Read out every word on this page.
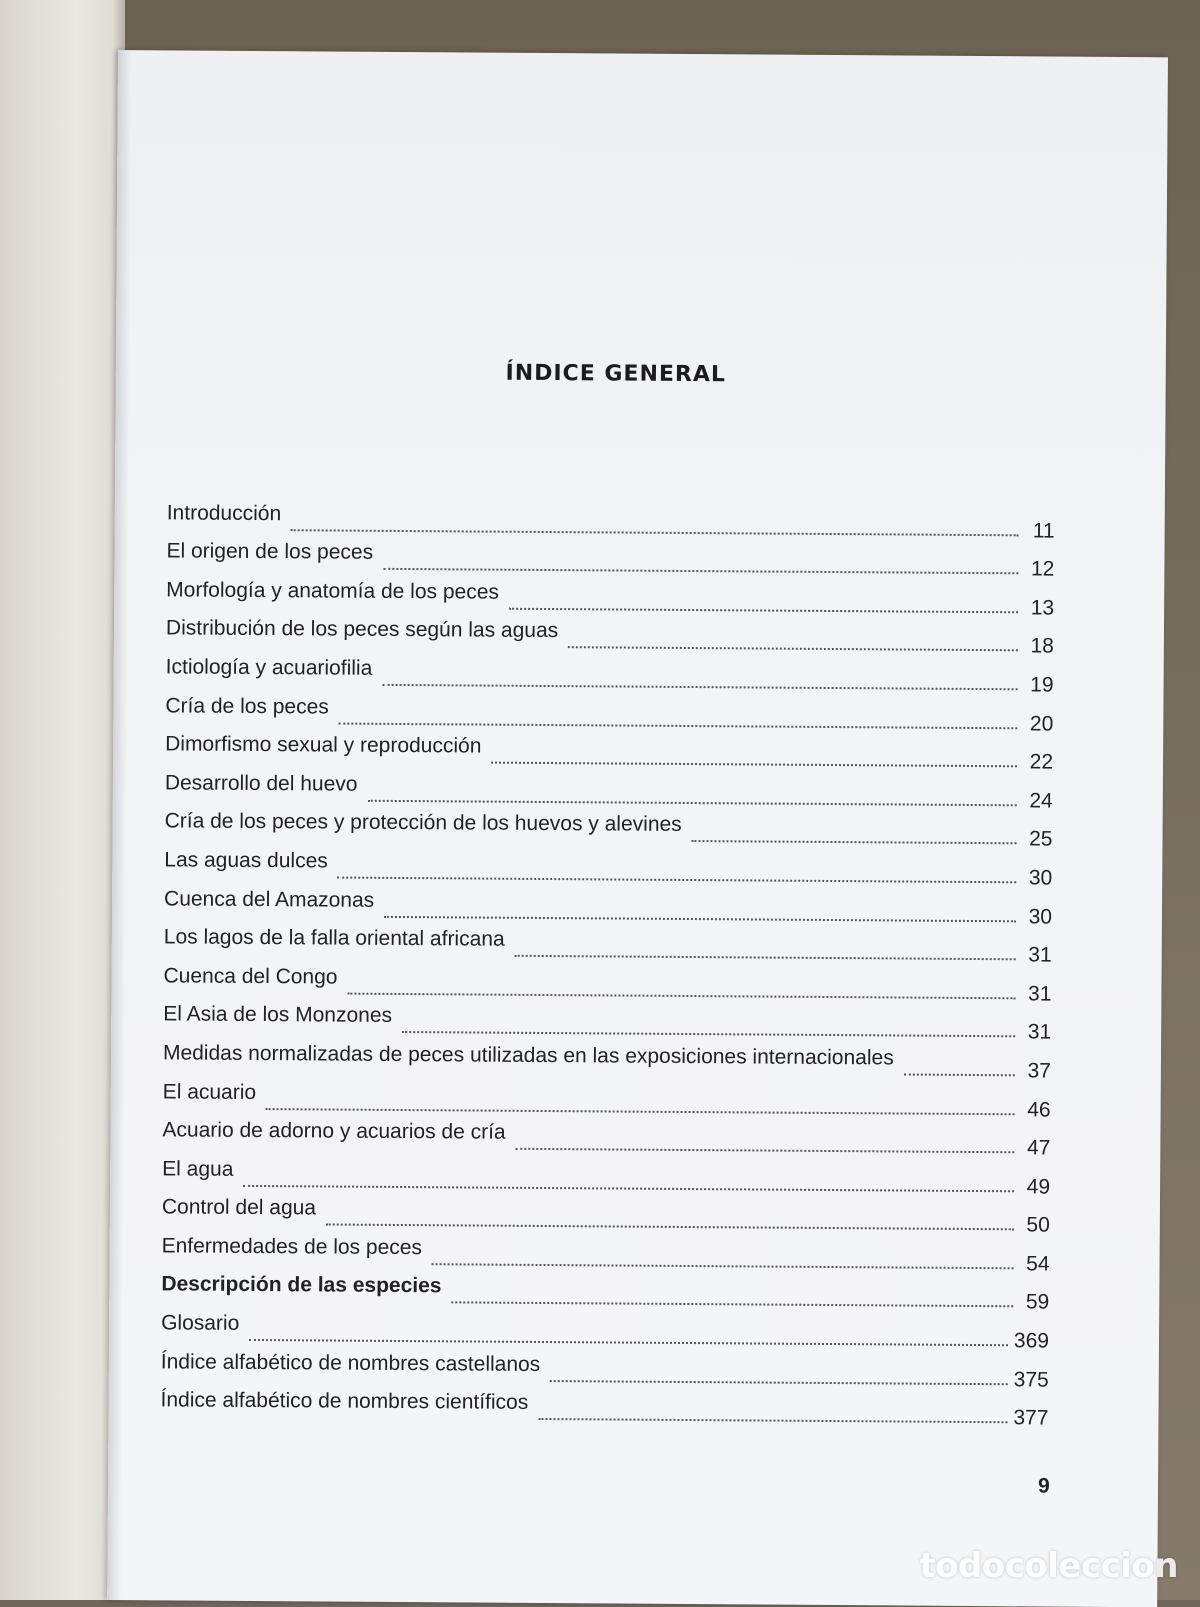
ÍNDICE GENERAL
Introducción
11
El origen de los peces
12
Morfología y anatomía de los peces
13
Distribución de los peces según las aguas
18
Ictiología y acuariofilia
19
Cría de los peces
20
Dimorfismo sexual y reproducción
22
Desarrollo del huevo
24
Cría de los peces y protección de los huevos y alevines
25
Las aguas dulces
30
Cuenca del Amazonas
30
Los lagos de la falla oriental africana
31
Cuenca del Congo
31
El Asia de los Monzones
31
Medidas normalizadas de peces utilizadas en las exposiciones internacionales
37
El acuario
46
Acuario de adorno y acuarios de cría
47
El agua
49
Control del agua
50
Enfermedades de los peces
54
Descripción de las especies
59
Glosario
369
Índice alfabético de nombres castellanos
375
Índice alfabético de nombres científicos
377
9
todocoleccion
